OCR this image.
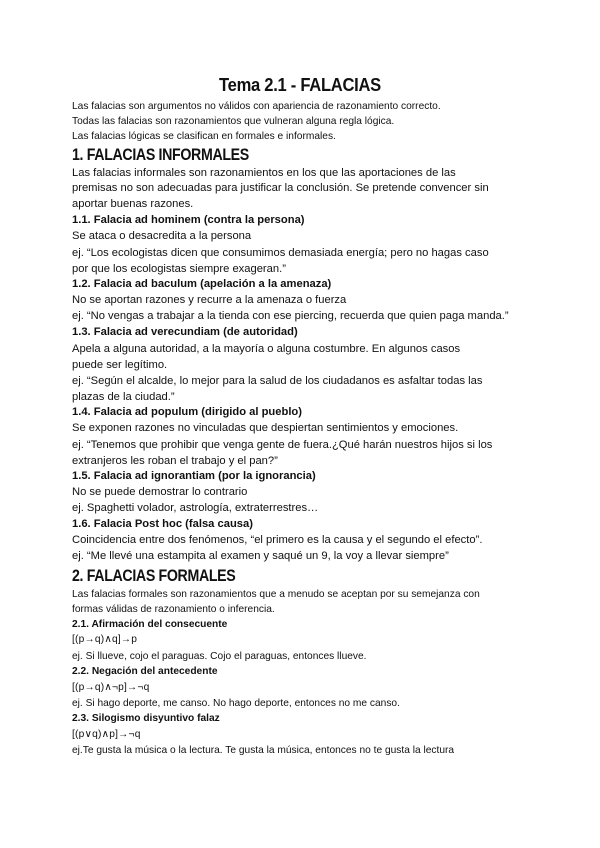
Tema 2.1 - FALACIAS
Las falacias son argumentos no válidos con apariencia de razonamiento correcto.
Todas las falacias son razonamientos que vulneran alguna regla lógica.
Las falacias lógicas se clasifican en formales e informales.
1. FALACIAS INFORMALES
Las falacias informales son razonamientos en los que las aportaciones de las
premisas no son adecuadas para justificar la conclusión. Se pretende convencer sin
aportar buenas razones.
1.1. Falacia ad hominem (contra la persona)
Se ataca o desacredita a la persona
ej. “Los ecologistas dicen que consumimos demasiada energía; pero no hagas caso
por que los ecologistas siempre exageran.”
1.2. Falacia ad baculum (apelación a la amenaza)
No se aportan razones y recurre a la amenaza o fuerza
ej. “No vengas a trabajar a la tienda con ese piercing, recuerda que quien paga manda.”
1.3. Falacia ad verecundiam (de autoridad)
Apela a alguna autoridad, a la mayoría o alguna costumbre. En algunos casos
puede ser legítimo.
ej. “Según el alcalde, lo mejor para la salud de los ciudadanos es asfaltar todas las
plazas de la ciudad.”
1.4. Falacia ad populum (dirigido al pueblo)
Se exponen razones no vinculadas que despiertan sentimientos y emociones.
ej. “Tenemos que prohibir que venga gente de fuera.¿Qué harán nuestros hijos si los
extranjeros les roban el trabajo y el pan?”
1.5. Falacia ad ignorantiam (por la ignorancia)
No se puede demostrar lo contrario
ej. Spaghetti volador, astrología, extraterrestres…
1.6. Falacia Post hoc (falsa causa)
Coincidencia entre dos fenómenos, “el primero es la causa y el segundo el efecto”.
ej. “Me llevé una estampita al examen y saqué un 9, la voy a llevar siempre”
2. FALACIAS FORMALES
Las falacias formales son razonamientos que a menudo se aceptan por su semejanza con
formas válidas de razonamiento o inferencia.
2.1. Afirmación del consecuente
[(p→q)∧q]→p
ej. Si llueve, cojo el paraguas. Cojo el paraguas, entonces llueve.
2.2. Negación del antecedente
[(p→q)∧¬p]→¬q
ej. Si hago deporte, me canso. No hago deporte, entonces no me canso.
2.3. Silogismo disyuntivo falaz
[(p∨q)∧p]→¬q
ej.Te gusta la música o la lectura. Te gusta la música, entonces no te gusta la lectura
